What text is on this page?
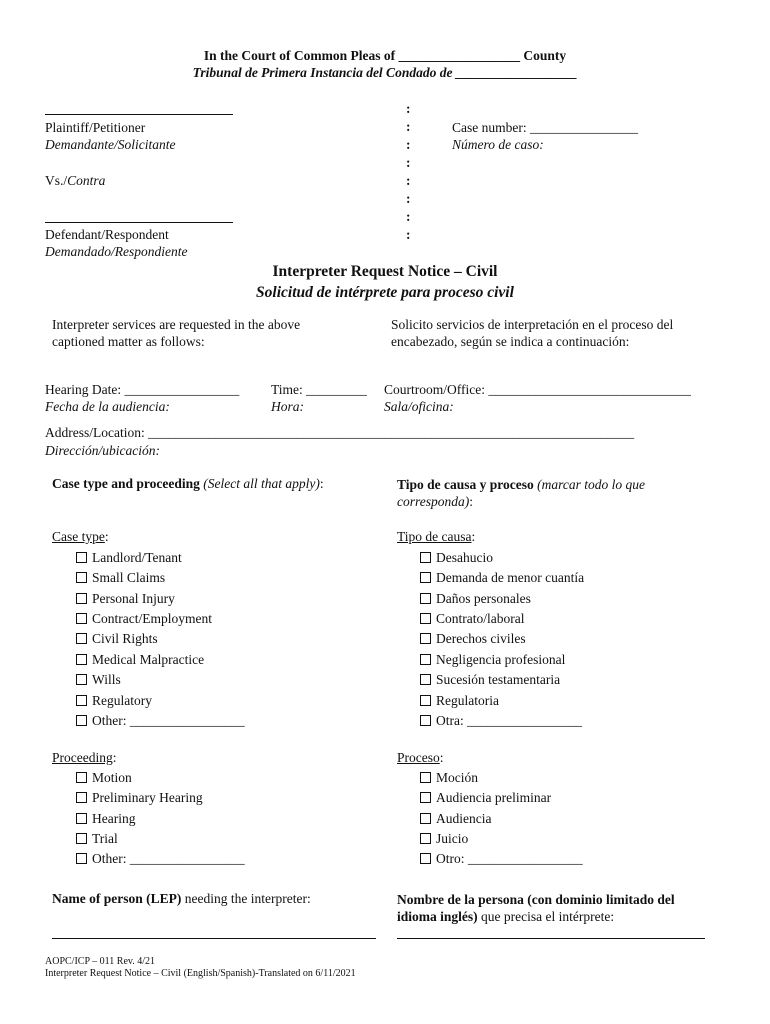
In the Court of Common Pleas of __________________ County
Tribunal de Primera Instancia del Condado de __________________
Plaintiff/Petitioner
Demandante/Solicitante
Vs./Contra
Defendant/Respondent
Demandado/Respondiente
:
:
:
:
:
:
:
:
Case number: ________________
Número de caso:
Interpreter Request Notice – Civil
Solicitud de intérprete para proceso civil
Interpreter services are requested in the above captioned matter as follows:
Solicito servicios de interpretación en el proceso del encabezado, según se indica a continuación:
Hearing Date: _________________
Fecha de la audiencia:
Time: _________
Hora:
Courtroom/Office: ______________________________
Sala/oficina:
Address/Location: ________________________________________________________________________
Dirección/ubicación:
Case type and proceeding (Select all that apply):	Tipo de causa y proceso (marcar todo lo que corresponda):
Case type:	Tipo de causa:
Landlord/Tenant
Small Claims
Personal Injury
Contract/Employment
Civil Rights
Medical Malpractice
Wills
Regulatory
Other: _________________
Desahucio
Demanda de menor cuantía
Daños personales
Contrato/laboral
Derechos civiles
Negligencia profesional
Sucesión testamentaria
Regulatoria
Otra: _________________
Proceeding:	Proceso:
Motion
Preliminary Hearing
Hearing
Trial
Other: _________________
Moción
Audiencia preliminar
Audiencia
Juicio
Otro: _________________
Name of person (LEP) needing the interpreter:	Nombre de la persona (con dominio limitado del idioma inglés) que precisa el intérprete:
AOPC/ICP – 011 Rev. 4/21
Interpreter Request Notice – Civil (English/Spanish)-Translated on 6/11/2021
